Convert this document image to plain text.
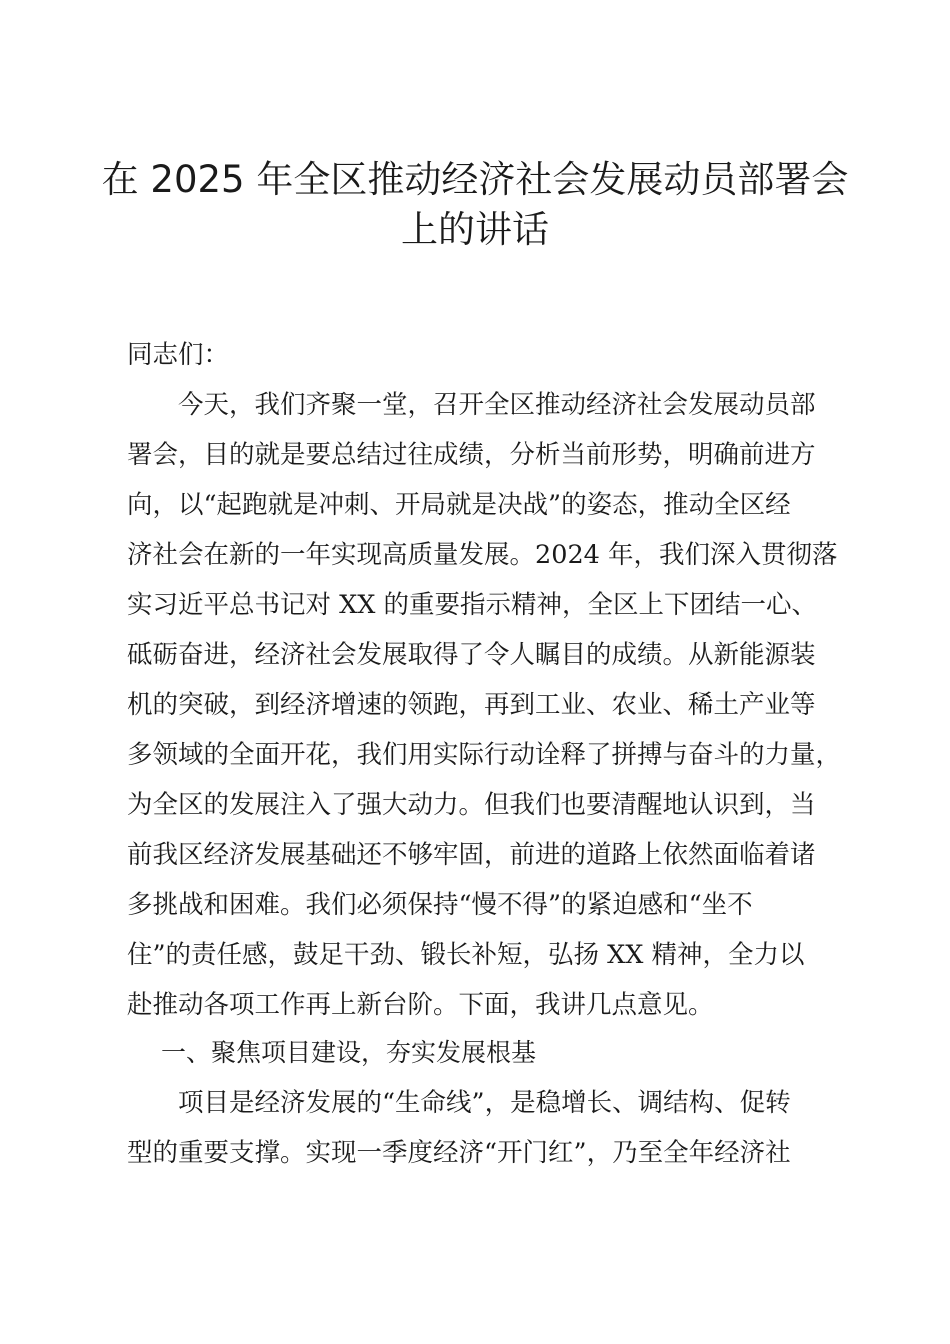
在 2025 年全区推动经济社会发展动员部署会
上的讲话

同志们：

今天，我们齐聚一堂，召开全区推动经济社会发展动员部
署会，目的就是要总结过往成绩，分析当前形势，明确前进方
向，以“起跑就是冲刺、开局就是决战”的姿态，推动全区经
济社会在新的一年实现高质量发展。2024 年，我们深入贯彻落
实习近平总书记对 XX 的重要指示精神，全区上下团结一心、
砥砺奋进，经济社会发展取得了令人瞩目的成绩。从新能源装
机的突破，到经济增速的领跑，再到工业、农业、稀土产业等
多领域的全面开花，我们用实际行动诠释了拼搏与奋斗的力量，
为全区的发展注入了强大动力。但我们也要清醒地认识到，当
前我区经济发展基础还不够牢固，前进的道路上依然面临着诸
多挑战和困难。我们必须保持“慢不得”的紧迫感和“坐不
住”的责任感，鼓足干劲、锻长补短，弘扬 XX 精神，全力以
赴推动各项工作再上新台阶。下面，我讲几点意见。

一、聚焦项目建设，夯实发展根基

项目是经济发展的“生命线”，是稳增长、调结构、促转
型的重要支撑。实现一季度经济“开门红”，乃至全年经济社
